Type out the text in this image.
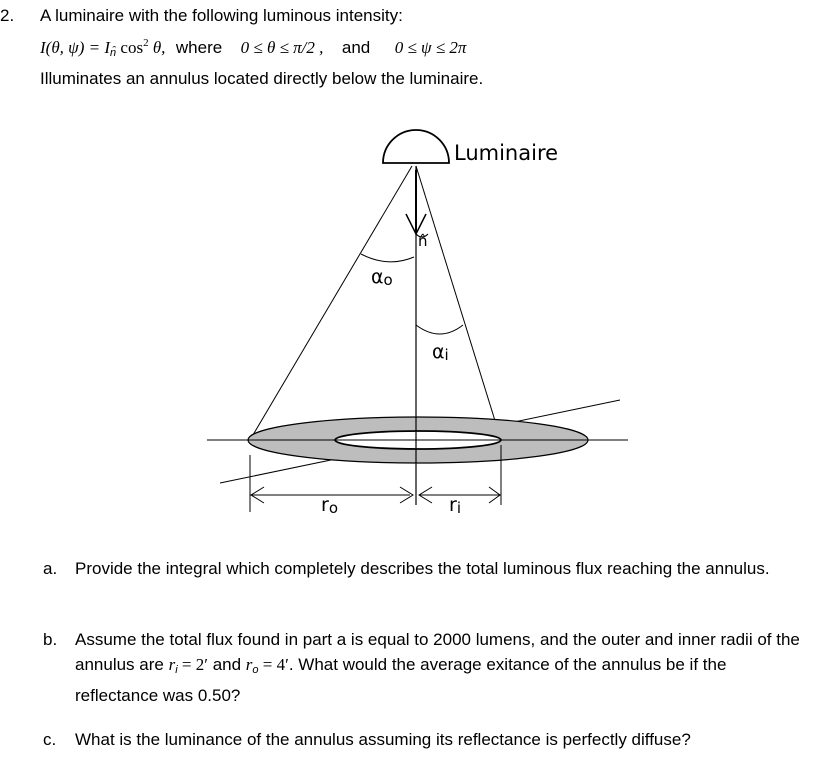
2. A luminaire with the following luminous intensity:
I(θ, $\psi) = I_{n̂}$ $\cos^2 \theta$, where 0 ≤ θ ≤ π/2 , and 0 ≤ ψ ≤ 2π
Illuminates an annulus located directly below the luminaire.
Luminaire
n̂
αo
αi
ro	ri
a. Provide the integral which completely describes the total luminous flux reaching the annulus.
b. Assume the total flux found in part a is equal to 2000 lumens, and the outer and inner radii of the annulus are $r_i = 2'$ and $r_o = 4'$. What would the average exitance of the annulus be if the reflectance was 0.50?
c. What is the luminance of the annulus assuming its reflectance is perfectly diffuse?
